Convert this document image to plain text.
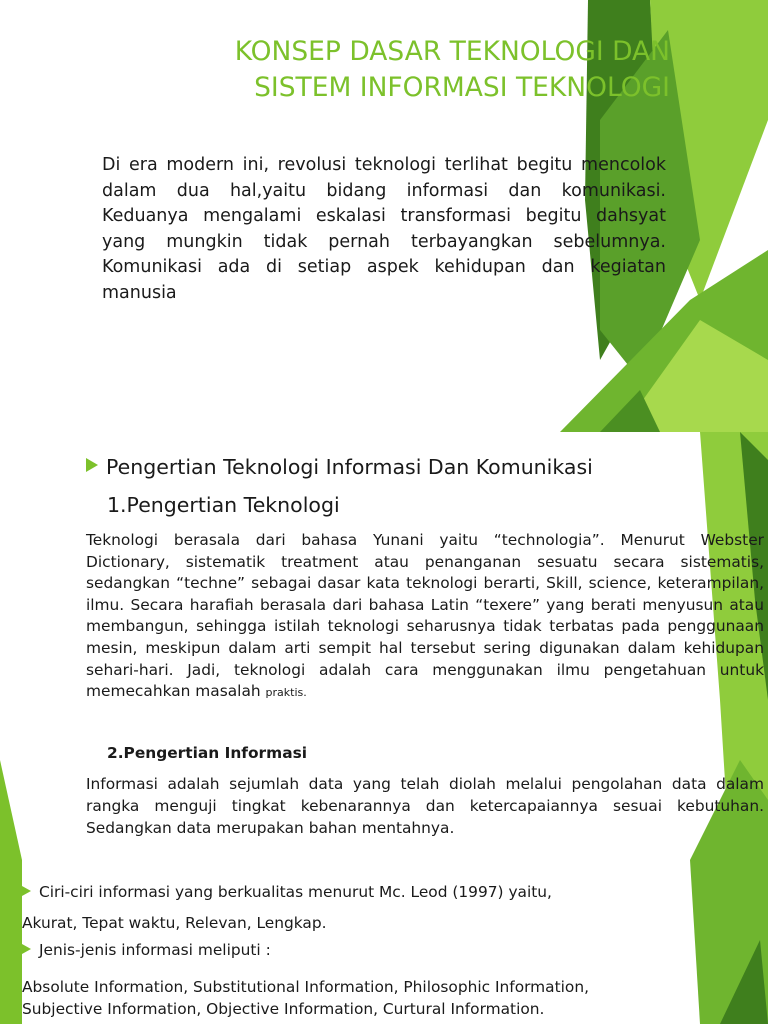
KONSEP DASAR TEKNOLOGI DAN
SISTEM INFORMASI TEKNOLOGI

Di era modern ini, revolusi teknologi terlihat begitu mencolok dalam dua hal,yaitu bidang informasi dan komunikasi. Keduanya mengalami eskalasi transformasi begitu dahsyat yang mungkin tidak pernah terbayangkan sebelumnya. Komunikasi ada di setiap aspek kehidupan dan kegiatan manusia

Pengertian Teknologi Informasi Dan Komunikasi
1.Pengertian Teknologi

Teknologi berasala dari bahasa Yunani yaitu “technologia”. Menurut Webster Dictionary, sistematik treatment atau penanganan sesuatu secara sistematis, sedangkan “techne” sebagai dasar kata teknologi berarti, Skill, science, keterampilan, ilmu. Secara harafiah berasala dari bahasa Latin “texere” yang berati menyusun atau membangun, sehingga istilah teknologi seharusnya tidak terbatas pada penggunaan mesin, meskipun dalam arti sempit hal tersebut sering digunakan dalam kehidupan sehari-hari. Jadi, teknologi adalah cara menggunakan ilmu pengetahuan untuk memecahkan masalah praktis.

2.Pengertian Informasi

Informasi adalah sejumlah data yang telah diolah melalui pengolahan data dalam rangka menguji tingkat kebenarannya dan ketercapaiannya sesuai kebutuhan. Sedangkan data merupakan bahan mentahnya.

Ciri-ciri informasi yang berkualitas menurut Mc. Leod (1997) yaitu,
Akurat, Tepat waktu, Relevan, Lengkap.
Jenis-jenis informasi meliputi :
Absolute Information, Substitutional Information, Philosophic Information,
Subjective Information, Objective Information, Curtural Information.
